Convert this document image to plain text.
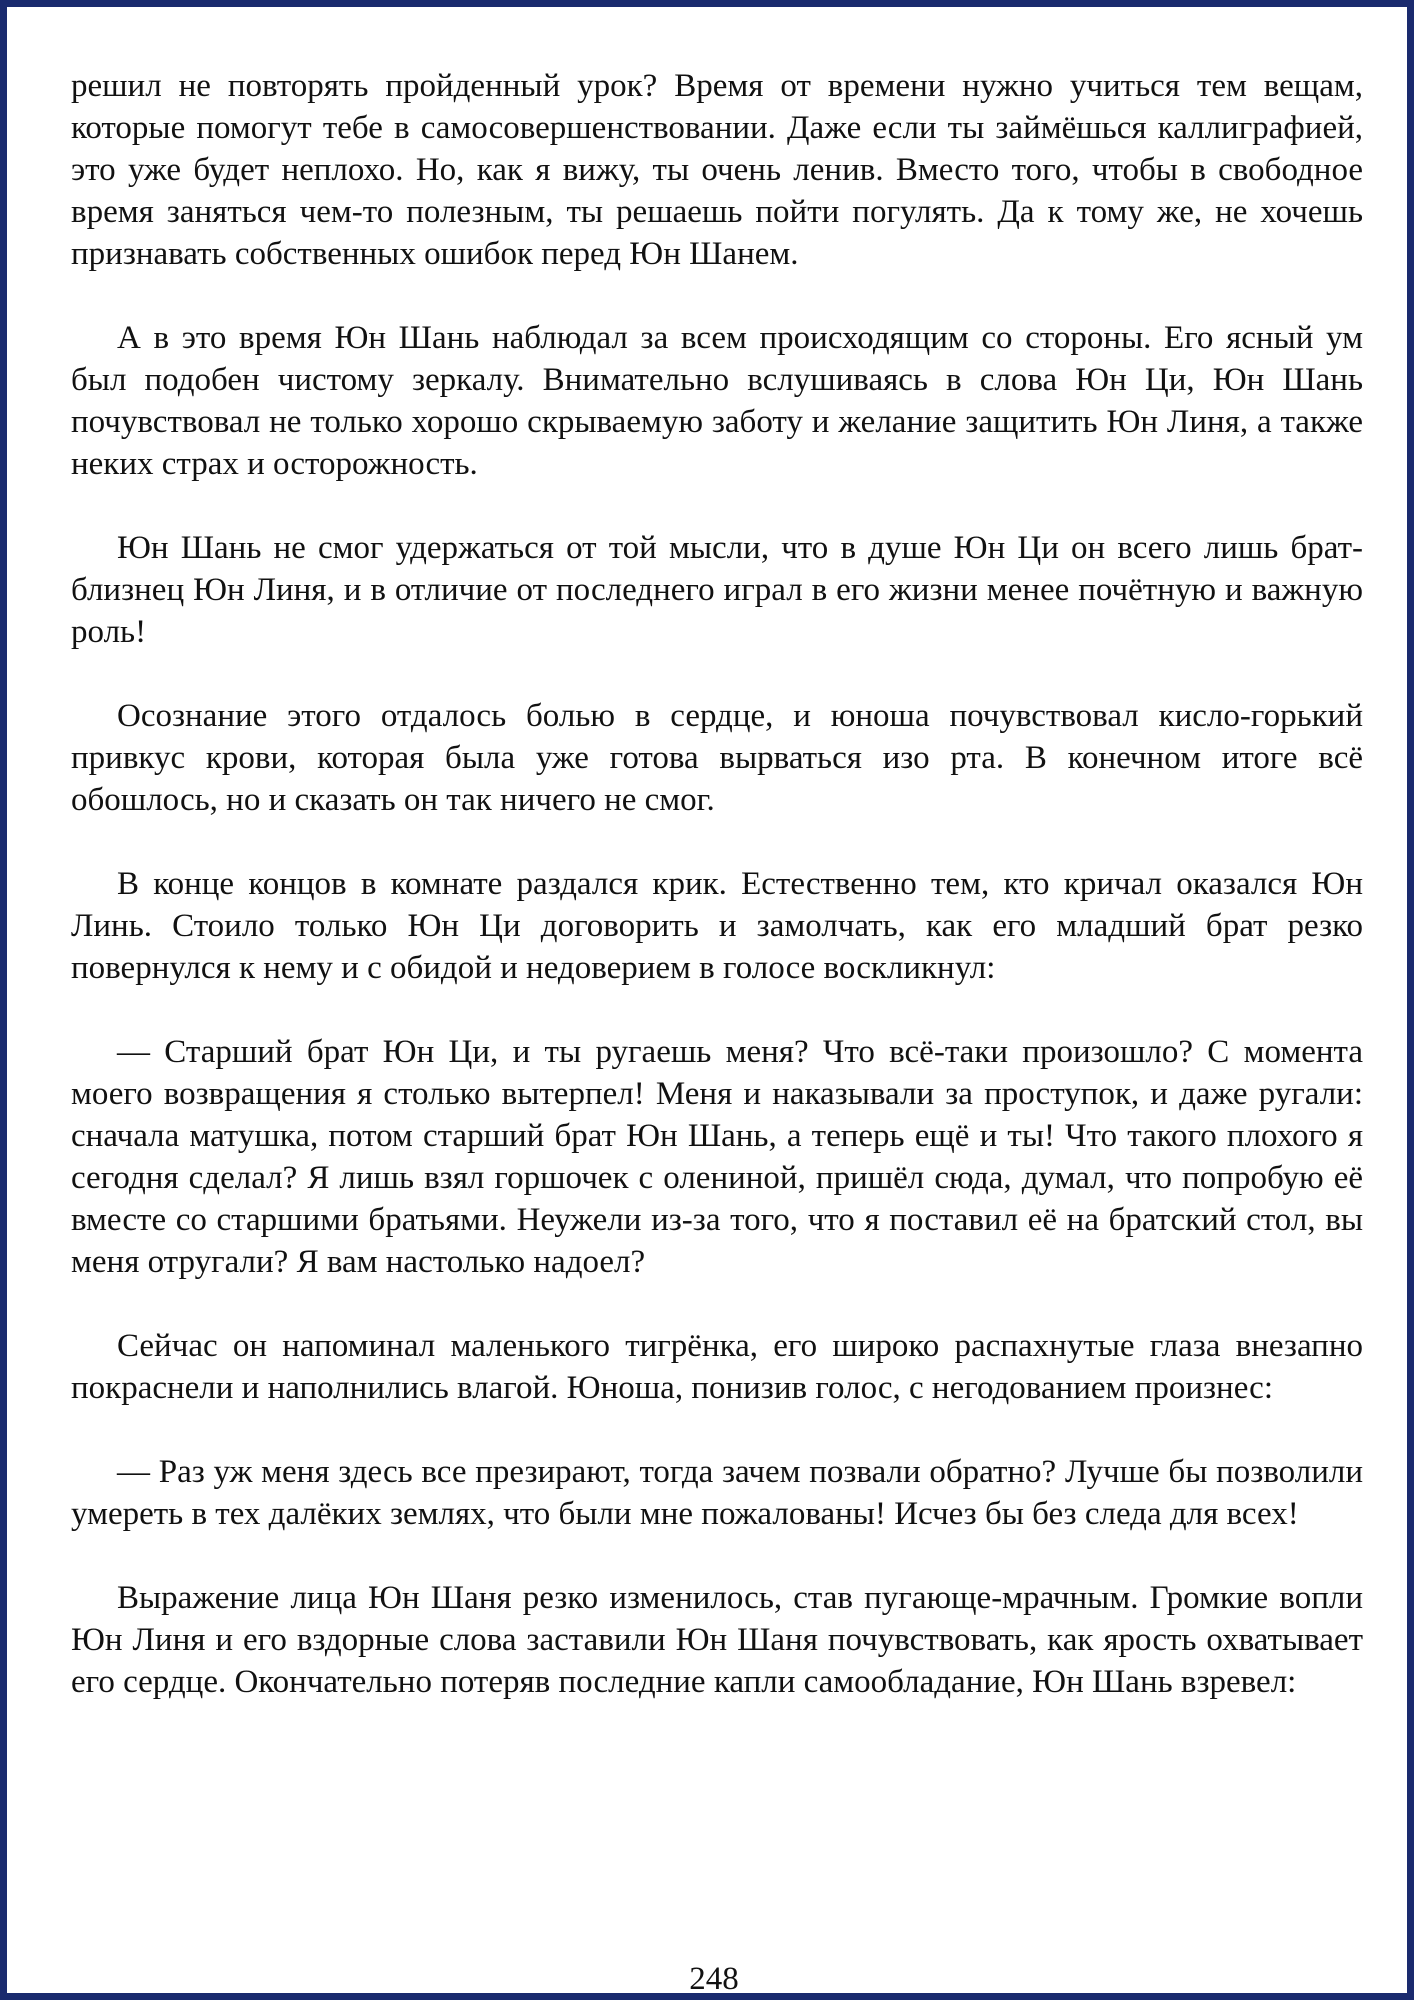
решил не повторять пройденный урок? Время от времени нужно учиться тем вещам, которые помогут тебе в самосовершенствовании. Даже если ты займёшься каллиграфией, это уже будет неплохо. Но, как я вижу, ты очень ленив. Вместо того, чтобы в свободное время заняться чем-то полезным, ты решаешь пойти погулять. Да к тому же, не хочешь признавать собственных ошибок перед Юн Шанем.

А в это время Юн Шань наблюдал за всем происходящим со стороны. Его ясный ум был подобен чистому зеркалу. Внимательно вслушиваясь в слова Юн Ци, Юн Шань почувствовал не только хорошо скрываемую заботу и желание защитить Юн Линя, а также неких страх и осторожность.

Юн Шань не смог удержаться от той мысли, что в душе Юн Ци он всего лишь брат-близнец Юн Линя, и в отличие от последнего играл в его жизни менее почётную и важную роль!

Осознание этого отдалось болью в сердце, и юноша почувствовал кисло-горький привкус крови, которая была уже готова вырваться изо рта. В конечном итоге всё обошлось, но и сказать он так ничего не смог.

В конце концов в комнате раздался крик. Естественно тем, кто кричал оказался Юн Линь. Стоило только Юн Ци договорить и замолчать, как его младший брат резко повернулся к нему и с обидой и недоверием в голосе воскликнул:

— Старший брат Юн Ци, и ты ругаешь меня? Что всё-таки произошло? С момента моего возвращения я столько вытерпел! Меня и наказывали за проступок, и даже ругали: сначала матушка, потом старший брат Юн Шань, а теперь ещё и ты! Что такого плохого я сегодня сделал? Я лишь взял горшочек с олениной, пришёл сюда, думал, что попробую её вместе со старшими братьями. Неужели из-за того, что я поставил её на братский стол, вы меня отругали? Я вам настолько надоел?

Сейчас он напоминал маленького тигрёнка, его широко распахнутые глаза внезапно покраснели и наполнились влагой. Юноша, понизив голос, с негодованием произнес:

— Раз уж меня здесь все презирают, тогда зачем позвали обратно? Лучше бы позволили умереть в тех далёких землях, что были мне пожалованы! Исчез бы без следа для всех!

Выражение лица Юн Шаня резко изменилось, став пугающе-мрачным. Громкие вопли Юн Линя и его вздорные слова заставили Юн Шаня почувствовать, как ярость охватывает его сердце. Окончательно потеряв последние капли самообладание, Юн Шань взревел:

248
